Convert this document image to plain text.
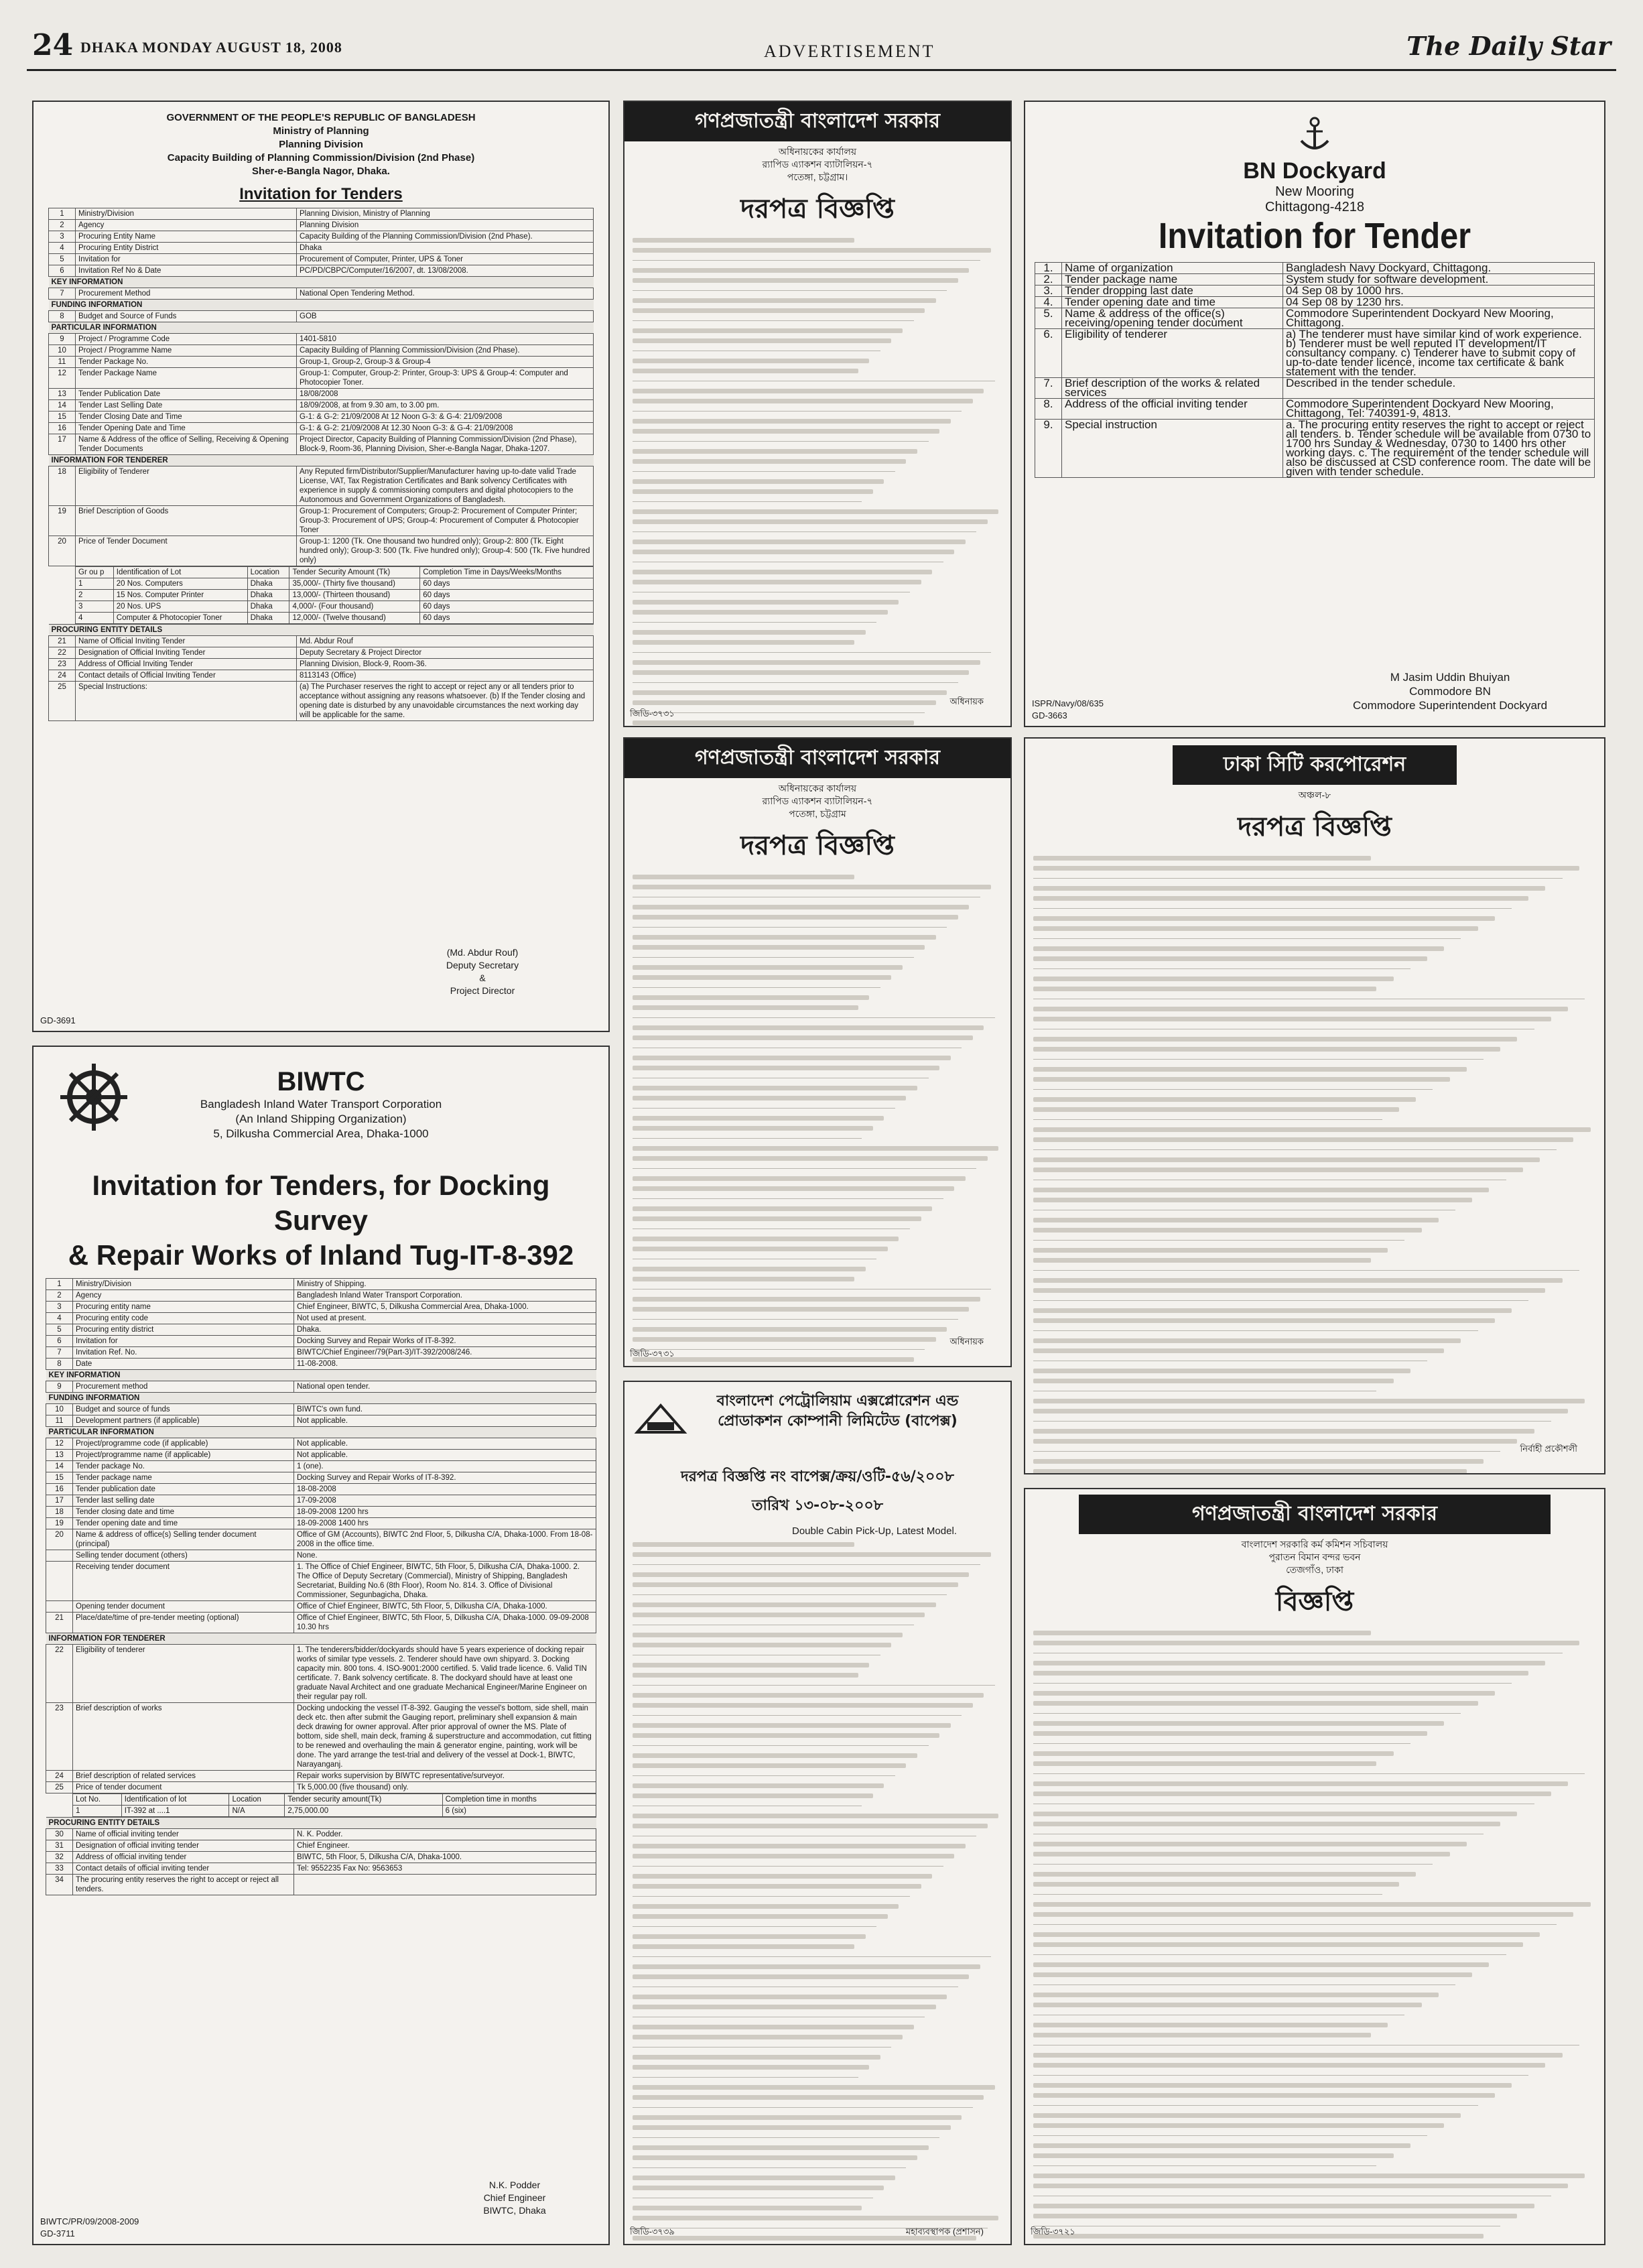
24 DHAKA MONDAY AUGUST 18, 2008	ADVERTISEMENT	The Daily Star
GOVERNMENT OF THE PEOPLE'S REPUBLIC OF BANGLADESH
Ministry of Planning
Planning Division
Capacity Building of Planning Commission/Division (2nd Phase)
Sher-e-Bangla Nagor, Dhaka.
Invitation for Tenders
1	Ministry/Division	Planning Division, Ministry of Planning
2	Agency	Planning Division
3	Procuring Entity Name	Capacity Building of the Planning Commission/Division (2nd Phase).
4	Procuring Entity District	Dhaka
5	Invitation for	Procurement of Computer, Printer, UPS & Toner
6	Invitation Ref No & Date	PC/PD/CBPC/Computer/16/2007, dt. 13/08/2008.
KEY INFORMATION		
7	Procurement Method	National Open Tendering Method.
FUNDING INFORMATION		
8	Budget and Source of Funds	GOB
PARTICULAR INFORMATION		
9	Project / Programme Code	1401-5810
10	Project / Programme Name	Capacity Building of Planning Commission/Division (2nd Phase).
11	Tender Package No.	Group-1, Group-2, Group-3 & Group-4
12	Tender Package Name	Group-1: Computer, Group-2: Printer, Group-3: UPS & Group-4: Computer and Photocopier Toner.
13	Tender Publication Date	18/08/2008
14	Tender Last Selling Date	18/09/2008, at from 9.30 am, to 3.00 pm.
15	Tender Closing Date and Time	G-1: & G-2: 21/09/2008 At 12 Noon G-3: & G-4: 21/09/2008
16	Tender Opening Date and Time	G-1: & G-2: 21/09/2008 At 12.30 Noon G-3: & G-4: 21/09/2008
17	Name & Address of the office of Selling, Receiving & Opening Tender Documents	Project Director, Capacity Building of Planning Commission/Division (2nd Phase), Block-9, Room-36, Planning Division, Sher-e-Bangla Nagar, Dhaka-1207.
INFORMATION FOR TENDERER		
18	Eligibility of Tenderer	Any Reputed firm/Distributor/Supplier/Manufacturer having up-to-date valid Trade License, VAT, Tax Registration Certificates and Bank solvency Certificates with experience in supply & commissioning computers and digital photocopiers to the Autonomous and Government Organizations of Bangladesh.
19	Brief Description of Goods	Group-1: Procurement of Computers; Group-2: Procurement of Computer Printer; Group-3: Procurement of UPS; Group-4: Procurement of Computer & Photocopier Toner
20	Price of Tender Document	Group-1: 1200 (Tk. One thousand two hundred only); Group-2: 800 (Tk. Eight hundred only); Group-3: 500 (Tk. Five hundred only); Group-4: 500 (Tk. Five hundred only)
Gr ou p	Identification of Lot	Location	Tender Security Amount (Tk)	Completion Time in Days/Weeks/Months
1	20 Nos. Computers	Dhaka	35,000/- (Thirty five thousand)	60 days
2	15 Nos. Computer Printer	Dhaka	13,000/- (Thirteen thousand)	60 days
3	20 Nos. UPS	Dhaka	4,000/- (Four thousand)	60 days
4	Computer & Photocopier Toner	Dhaka	12,000/- (Twelve thousand)	60 days
PROCURING ENTITY DETAILS		
21	Name of Official Inviting Tender	Md. Abdur Rouf
22	Designation of Official Inviting Tender	Deputy Secretary & Project Director
23	Address of Official Inviting Tender	Planning Division, Block-9, Room-36.
24	Contact details of Official Inviting Tender	8113143 (Office)
25	Special Instructions:	(a) The Purchaser reserves the right to accept or reject any or all tenders prior to acceptance without assigning any reasons whatsoever. (b) If the Tender closing and opening date is disturbed by any unavoidable circumstances the next working day will be applicable for the same.
(Md. Abdur Rouf)
Deputy Secretary
&
Project Director
GD-3691
BIWTC
Bangladesh Inland Water Transport Corporation
(An Inland Shipping Organization)
5, Dilkusha Commercial Area, Dhaka-1000
Invitation for Tenders, for Docking Survey
& Repair Works of Inland Tug-IT-8-392
1	Ministry/Division	Ministry of Shipping.
2	Agency	Bangladesh Inland Water Transport Corporation.
3	Procuring entity name	Chief Engineer, BIWTC, 5, Dilkusha Commercial Area, Dhaka-1000.
4	Procuring entity code	Not used at present.
5	Procuring entity district	Dhaka.
6	Invitation for	Docking Survey and Repair Works of IT-8-392.
7	Invitation Ref. No.	BIWTC/Chief Engineer/79(Part-3)/IT-392/2008/246.
8	Date	11-08-2008.
KEY INFORMATION		
9	Procurement method	National open tender.
FUNDING INFORMATION		
10	Budget and source of funds	BIWTC's own fund.
11	Development partners (if applicable)	Not applicable.
PARTICULAR INFORMATION		
12	Project/programme code (if applicable)	Not applicable.
13	Project/programme name (if applicable)	Not applicable.
14	Tender package No.	1 (one).
15	Tender package name	Docking Survey and Repair Works of IT-8-392.
16	Tender publication date	18-08-2008
17	Tender last selling date	17-09-2008
18	Tender closing date and time	18-09-2008 1200 hrs
19	Tender opening date and time	18-09-2008 1400 hrs
20	Name & address of office(s) Selling tender document (principal)	Office of GM (Accounts), BIWTC 2nd Floor, 5, Dilkusha C/A, Dhaka-1000. From 18-08-2008 in the office time.
	Selling tender document (others)	None.
	Receiving tender document	1. The Office of Chief Engineer, BIWTC, 5th Floor, 5, Dilkusha C/A, Dhaka-1000. 2. The Office of Deputy Secretary (Commercial), Ministry of Shipping, Bangladesh Secretariat, Building No.6 (8th Floor), Room No. 814. 3. Office of Divisional Commissioner, Segunbagicha, Dhaka.
	Opening tender document	Office of Chief Engineer, BIWTC, 5th Floor, 5, Dilkusha C/A, Dhaka-1000.
21	Place/date/time of pre-tender meeting (optional)	Office of Chief Engineer, BIWTC, 5th Floor, 5, Dilkusha C/A, Dhaka-1000. 09-09-2008 10.30 hrs
INFORMATION FOR TENDERER		
22	Eligibility of tenderer	1. The tenderers/bidder/dockyards should have 5 years experience of docking repair works of similar type vessels. 2. Tenderer should have own shipyard. 3. Docking capacity min. 800 tons. 4. ISO-9001:2000 certified. 5. Valid trade licence. 6. Valid TIN certificate. 7. Bank solvency certificate. 8. The dockyard should have at least one graduate Naval Architect and one graduate Mechanical Engineer/Marine Engineer on their regular pay roll.
23	Brief description of works	Docking undocking the vessel IT-8-392. Gauging the vessel's bottom, side shell, main deck etc. then after submit the Gauging report, preliminary shell expansion & main deck drawing for owner approval. After prior approval of owner the MS. Plate of bottom, side shell, main deck, framing & superstructure and accommodation, cut fitting to be renewed and overhauling the main & generator engine, painting, work will be done. The yard arrange the test-trial and delivery of the vessel at Dock-1, BIWTC, Narayanganj.
24	Brief description of related services	Repair works supervision by BIWTC representative/surveyor.
25	Price of tender document	Tk 5,000.00 (five thousand) only.
Lot No.	Identification of lot	Location	Tender security amount(Tk)	Completion time in months
1	IT-392 at ....1	N/A	2,75,000.00	6 (six)
PROCURING ENTITY DETAILS		
30	Name of official inviting tender	N. K. Podder.
31	Designation of official inviting tender	Chief Engineer.
32	Address of official inviting tender	BIWTC, 5th Floor, 5, Dilkusha C/A, Dhaka-1000.
33	Contact details of official inviting tender	Tel: 9552235 Fax No: 9563653
34	The procuring entity reserves the right to accept or reject all tenders.	
N.K. Podder
Chief Engineer
BIWTC, Dhaka
BIWTC/PR/09/2008-2009
GD-3711
গণপ্রজাতন্ত্রী বাংলাদেশ সরকার
অধিনায়কের কার্যালয়
র‍্যাপিড এ্যাকশন ব্যাটালিয়ন-৭
পতেঙ্গা, চট্টগ্রাম।
দরপত্র বিজ্ঞপ্তি
জিডি-৩৭৩১
অধিনায়ক
গণপ্রজাতন্ত্রী বাংলাদেশ সরকার
অধিনায়কের কার্যালয়
র‍্যাপিড এ্যাকশন ব্যাটালিয়ন-৭
পতেঙ্গা, চট্টগ্রাম
দরপত্র বিজ্ঞপ্তি
জিডি-৩৭৩১
অধিনায়ক
বাংলাদেশ পেট্রোলিয়াম এক্সপ্লোরেশন এন্ড
প্রোডাকশন কোম্পানী লিমিটেড (বাপেক্স)
দরপত্র বিজ্ঞপ্তি নং বাপেক্স/ক্রয়/ওটি-৫৬/২০০৮
তারিখ ১৩-০৮-২০০৮
Double Cabin Pick-Up, Latest Model.
জিডি-৩৭৩৯	মহাব্যবস্থাপক (প্রশাসন)
BN Dockyard
New Mooring
Chittagong-4218
Invitation for Tender
1.	Name of organization	Bangladesh Navy Dockyard, Chittagong.
2.	Tender package name	System study for software development.
3.	Tender dropping last date	04 Sep 08 by 1000 hrs.
4.	Tender opening date and time	04 Sep 08 by 1230 hrs.
5.	Name & address of the office(s) receiving/opening tender document	Commodore Superintendent Dockyard New Mooring, Chittagong.
6.	Eligibility of tenderer	a) The tenderer must have similar kind of work experience. b) Tenderer must be well reputed IT development/IT consultancy company. c) Tenderer have to submit copy of up-to-date tender licence, income tax certificate & bank statement with the tender.
7.	Brief description of the works & related services	Described in the tender schedule.
8.	Address of the official inviting tender	Commodore Superintendent Dockyard New Mooring, Chittagong, Tel: 740391-9, 4813.
9.	Special instruction	a. The procuring entity reserves the right to accept or reject all tenders. b. Tender schedule will be available from 0730 to 1700 hrs Sunday & Wednesday, 0730 to 1400 hrs other working days. c. The requirement of the tender schedule will also be discussed at CSD conference room. The date will be given with tender schedule.
M Jasim Uddin Bhuiyan
Commodore BN
Commodore Superintendent Dockyard
ISPR/Navy/08/635
GD-3663
ঢাকা সিটি করপোরেশন
অঞ্চল-৮
দরপত্র বিজ্ঞপ্তি
নির্বাহী প্রকৌশলী
গণপ্রজাতন্ত্রী বাংলাদেশ সরকার
বাংলাদেশ সরকারি কর্ম কমিশন সচিবালয়
পুরাতন বিমান বন্দর ভবন
তেজগাঁও, ঢাকা
বিজ্ঞপ্তি
জিডি-৩৭২১
